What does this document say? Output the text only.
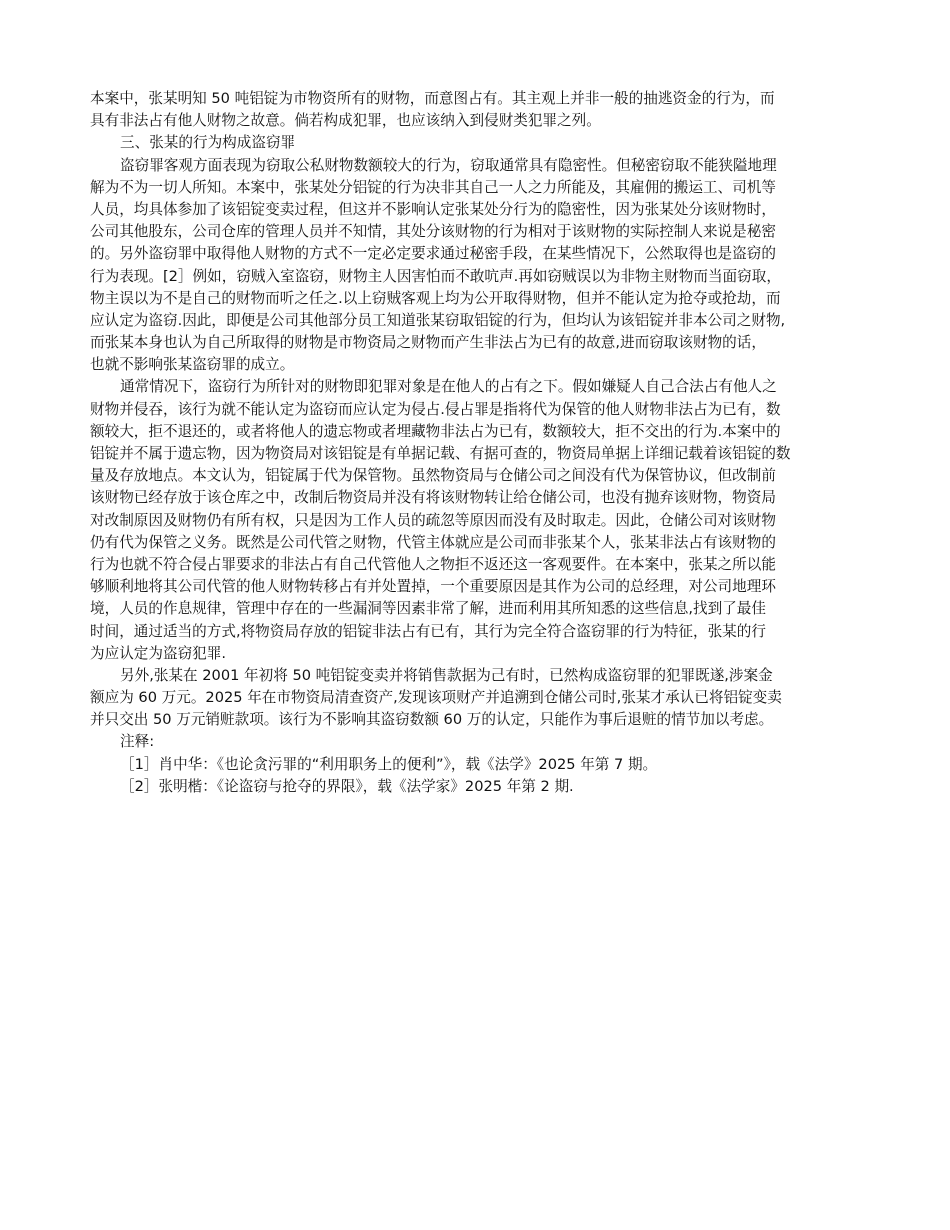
本案中，张某明知 50 吨铝锭为市物资所有的财物，而意图占有。其主观上并非一般的抽逃资金的行为，而
具有非法占有他人财物之故意。倘若构成犯罪，也应该纳入到侵财类犯罪之列。
三、张某的行为构成盗窃罪
盗窃罪客观方面表现为窃取公私财物数额较大的行为，窃取通常具有隐密性。但秘密窃取不能狭隘地理
解为不为一切人所知。本案中，张某处分铝锭的行为决非其自己一人之力所能及，其雇佣的搬运工、司机等
人员，均具体参加了该铝锭变卖过程，但这并不影响认定张某处分行为的隐密性，因为张某处分该财物时，
公司其他股东，公司仓库的管理人员并不知情，其处分该财物的行为相对于该财物的实际控制人来说是秘密
的。另外盗窃罪中取得他人财物的方式不一定必定要求通过秘密手段，在某些情况下，公然取得也是盗窃的
行为表现。[2］例如，窃贼入室盗窃，财物主人因害怕而不敢吭声.再如窃贼误以为非物主财物而当面窃取，
物主误以为不是自己的财物而听之任之.以上窃贼客观上均为公开取得财物，但并不能认定为抢夺或抢劫，而
应认定为盗窃.因此，即便是公司其他部分员工知道张某窃取铝锭的行为，但均认为该铝锭并非本公司之财物,
而张某本身也认为自己所取得的财物是市物资局之财物而产生非法占为已有的故意,进而窃取该财物的话，
也就不影响张某盗窃罪的成立。
通常情况下，盗窃行为所针对的财物即犯罪对象是在他人的占有之下。假如嫌疑人自己合法占有他人之
财物并侵吞，该行为就不能认定为盗窃而应认定为侵占.侵占罪是指将代为保管的他人财物非法占为已有，数
额较大，拒不退还的，或者将他人的遗忘物或者埋藏物非法占为已有，数额较大，拒不交出的行为.本案中的
铝锭并不属于遗忘物，因为物资局对该铝锭是有单据记载、有据可查的，物资局单据上详细记载着该铝锭的数
量及存放地点。本文认为，铝锭属于代为保管物。虽然物资局与仓储公司之间没有代为保管协议，但改制前
该财物已经存放于该仓库之中，改制后物资局并没有将该财物转让给仓储公司，也没有抛弃该财物，物资局
对改制原因及财物仍有所有权，只是因为工作人员的疏忽等原因而没有及时取走。因此，仓储公司对该财物
仍有代为保管之义务。既然是公司代管之财物，代管主体就应是公司而非张某个人，张某非法占有该财物的
行为也就不符合侵占罪要求的非法占有自己代管他人之物拒不返还这一客观要件。在本案中，张某之所以能
够顺利地将其公司代管的他人财物转移占有并处置掉，一个重要原因是其作为公司的总经理，对公司地理环
境，人员的作息规律，管理中存在的一些漏洞等因素非常了解，进而利用其所知悉的这些信息,找到了最佳
时间，通过适当的方式,将物资局存放的铝锭非法占有已有，其行为完全符合盗窃罪的行为特征，张某的行
为应认定为盗窃犯罪.
另外,张某在 2001 年初将 50 吨铝锭变卖并将销售款据为己有时，已然构成盗窃罪的犯罪既遂,涉案金
额应为 60 万元。2025 年在市物资局清查资产,发现该项财产并追溯到仓储公司时,张某才承认已将铝锭变卖
并只交出 50 万元销赃款项。该行为不影响其盗窃数额 60 万的认定，只能作为事后退赃的情节加以考虑。
注释:
［1］肖中华：《也论贪污罪的“利用职务上的便利”》，载《法学》2025 年第 7 期。
［2］张明楷：《论盗窃与抢夺的界限》，载《法学家》2025 年第 2 期.
